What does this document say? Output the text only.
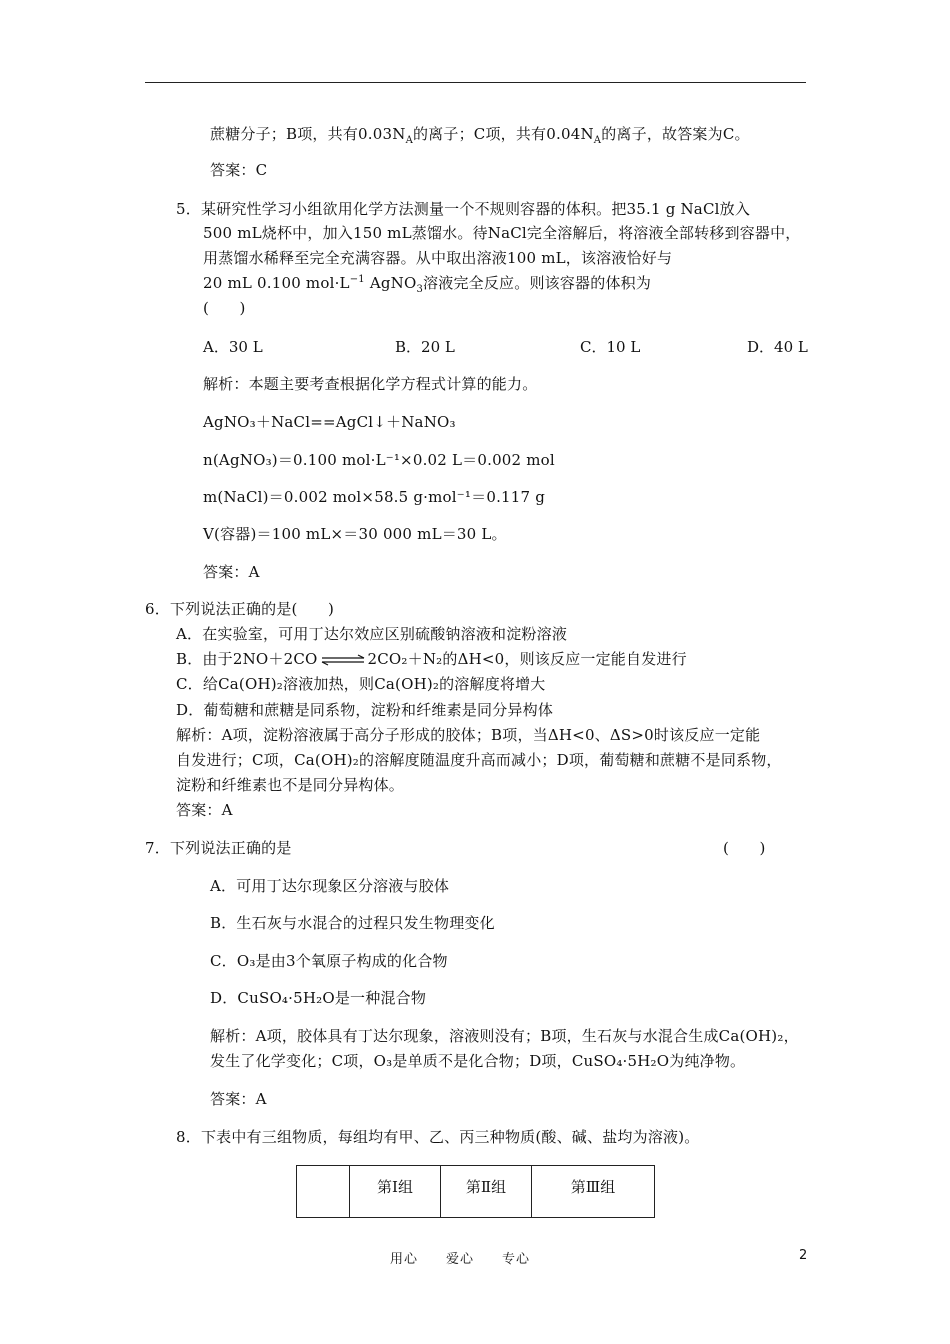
蔗糖分子；B项，共有$0.03N_A$的离子；C项，共有$0.04N_A$的离子，故答案为C。
答案：C
5．某研究性学习小组欲用化学方法测量一个不规则容器的体积。把35.1 g NaCl放入
500 mL烧杯中，加入150 mL蒸馏水。待NaCl完全溶解后，将溶液全部转移到容器中，
用蒸馏水稀释至完全充满容器。从中取出溶液100 mL，该溶液恰好与
20 mL 0.100 $mol\cdot L^{-1}$ AgNO$_3$溶液完全反应。则该容器的体积为
(　　)
A．30 L	B．20 L	C．10 L	D．40 L
解析：本题主要考查根据化学方程式计算的能力。
AgNO₃＋NaCl==AgCl↓＋NaNO₃
n(AgNO₃)＝0.100 mol·L⁻¹×0.02 L＝0.002 mol
m(NaCl)＝0.002 mol×58.5 g·mol⁻¹＝0.117 g
V(容器)＝100 mL×＝30 000 mL＝30 L。
答案：A
6．下列说法正确的是(　　)
A．在实验室，可用丁达尔效应区别硫酸钠溶液和淀粉溶液
B．由于2NO＋2CO ⇌ 2CO₂＋N₂的ΔH<0，则该反应一定能自发进行
C．给Ca(OH)₂溶液加热，则Ca(OH)₂的溶解度将增大
D．葡萄糖和蔗糖是同系物，淀粉和纤维素是同分异构体
解析：A项，淀粉溶液属于高分子形成的胶体；B项，当ΔH<0、ΔS>0时该反应一定能
自发进行；C项，Ca(OH)₂的溶解度随温度升高而减小；D项，葡萄糖和蔗糖不是同系物，
淀粉和纤维素也不是同分异构体。
答案：A
7．下列说法正确的是	(　　)
A．可用丁达尔现象区分溶液与胶体
B．生石灰与水混合的过程只发生物理变化
C．O₃是由3个氧原子构成的化合物
D．CuSO₄·5H₂O是一种混合物
解析：A项，胶体具有丁达尔现象，溶液则没有；B项，生石灰与水混合生成Ca(OH)₂，
发生了化学变化；C项，O₃是单质不是化合物；D项，CuSO₄·5H₂O为纯净物。
答案：A
8．下表中有三组物质，每组均有甲、乙、丙三种物质(酸、碱、盐均为溶液)。
	第Ⅰ组	第Ⅱ组	第Ⅲ组
用心　　爱心　　专心	2
